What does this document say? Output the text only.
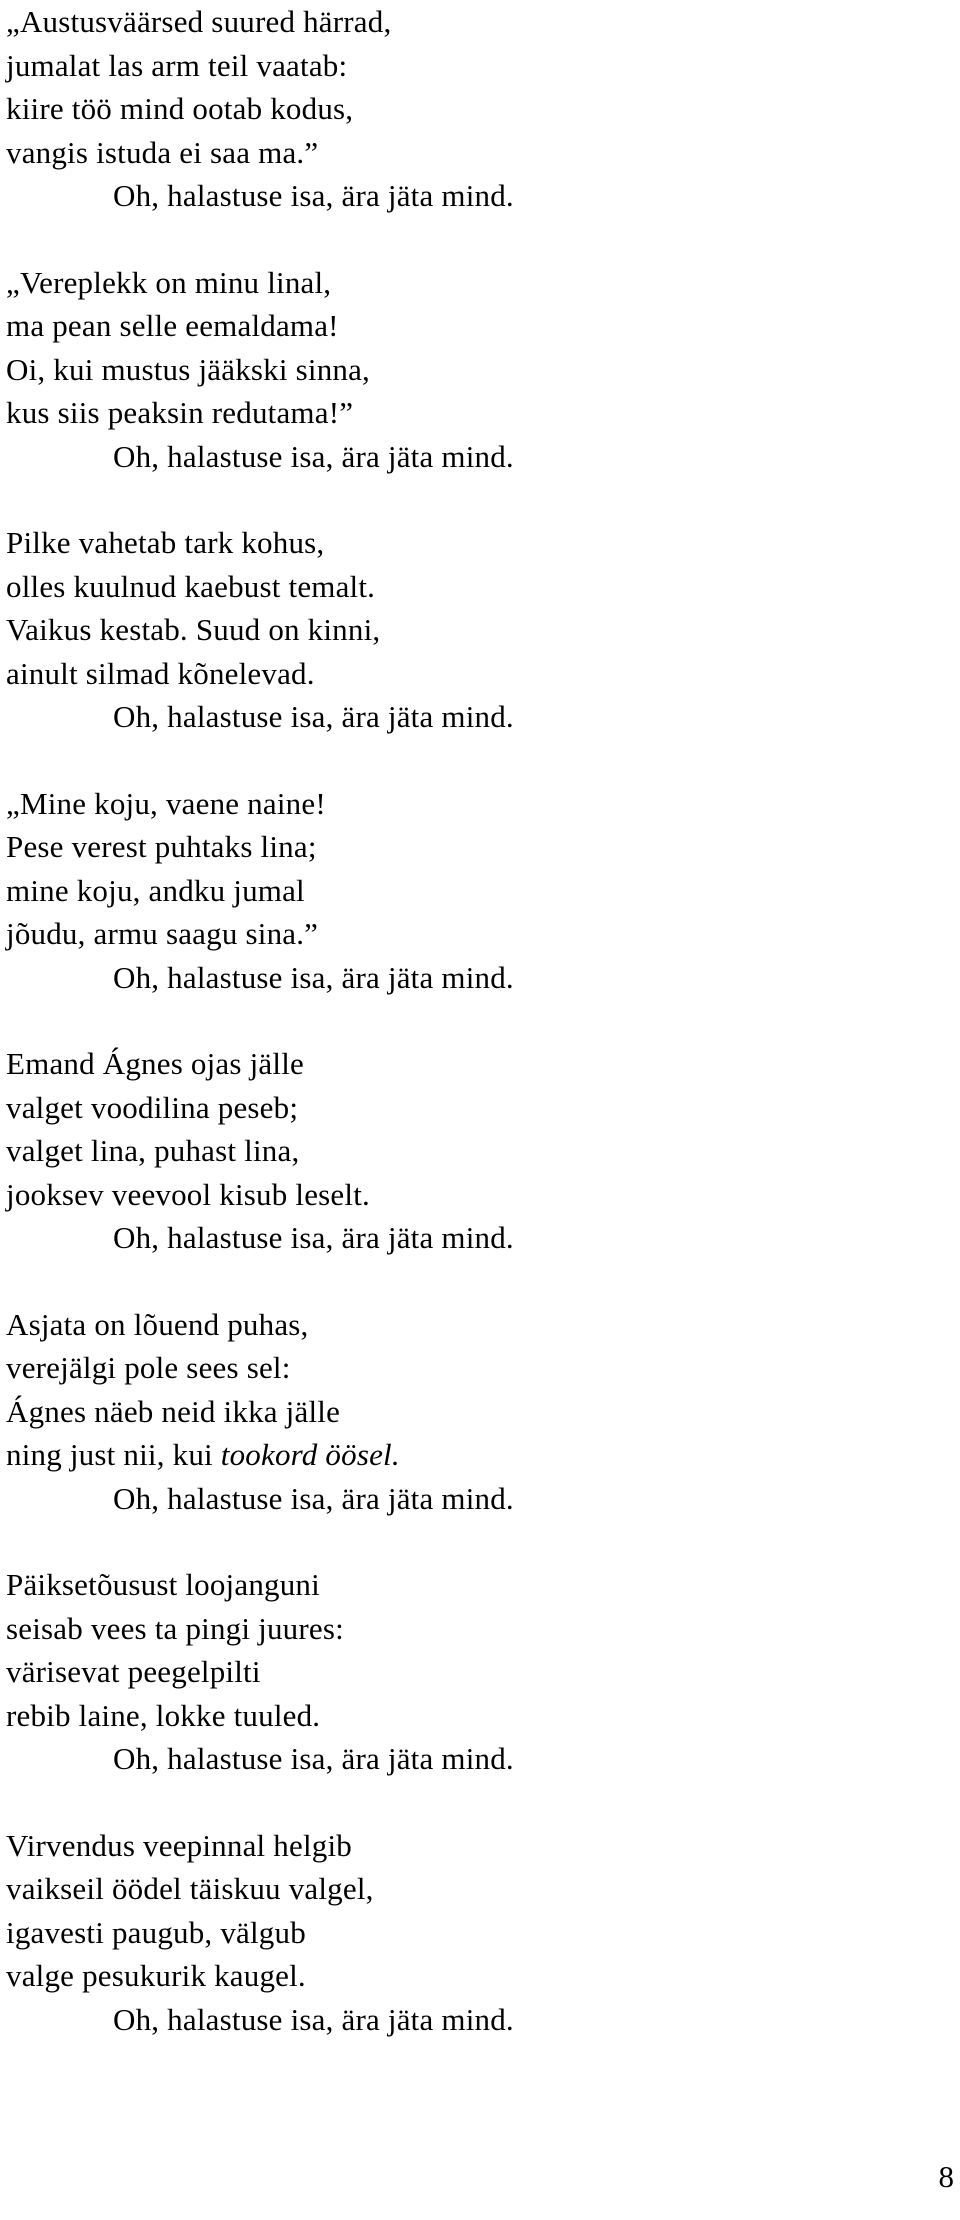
„Austusväärsed suured härrad,
jumalat las arm teil vaatab:
kiire töö mind ootab kodus,
vangis istuda ei saa ma.”
Oh, halastuse isa, ära jäta mind.
„Vereplekk on minu linal,
ma pean selle eemaldama!
Oi, kui mustus jääkski sinna,
kus siis peaksin redutama!”
Oh, halastuse isa, ära jäta mind.
Pilke vahetab tark kohus,
olles kuulnud kaebust temalt.
Vaikus kestab. Suud on kinni,
ainult silmad kõnelevad.
Oh, halastuse isa, ära jäta mind.
„Mine koju, vaene naine!
Pese verest puhtaks lina;
mine koju, andku jumal
jõudu, armu saagu sina.”
Oh, halastuse isa, ära jäta mind.
Emand Ágnes ojas jälle
valget voodilina peseb;
valget lina, puhast lina,
jooksev veevool kisub leselt.
Oh, halastuse isa, ära jäta mind.
Asjata on lõuend puhas,
verejälgi pole sees sel:
Ágnes näeb neid ikka jälle
ning just nii, kui tookord öösel.
Oh, halastuse isa, ära jäta mind.
Päiksetõusust loojanguni
seisab vees ta pingi juures:
värisevat peegelpilti
rebib laine, lokke tuuled.
Oh, halastuse isa, ära jäta mind.
Virvendus veepinnal helgib
vaikseil öödel täiskuu valgel,
igavesti paugub, välgub
valge pesukurik kaugel.
Oh, halastuse isa, ära jäta mind.
8
